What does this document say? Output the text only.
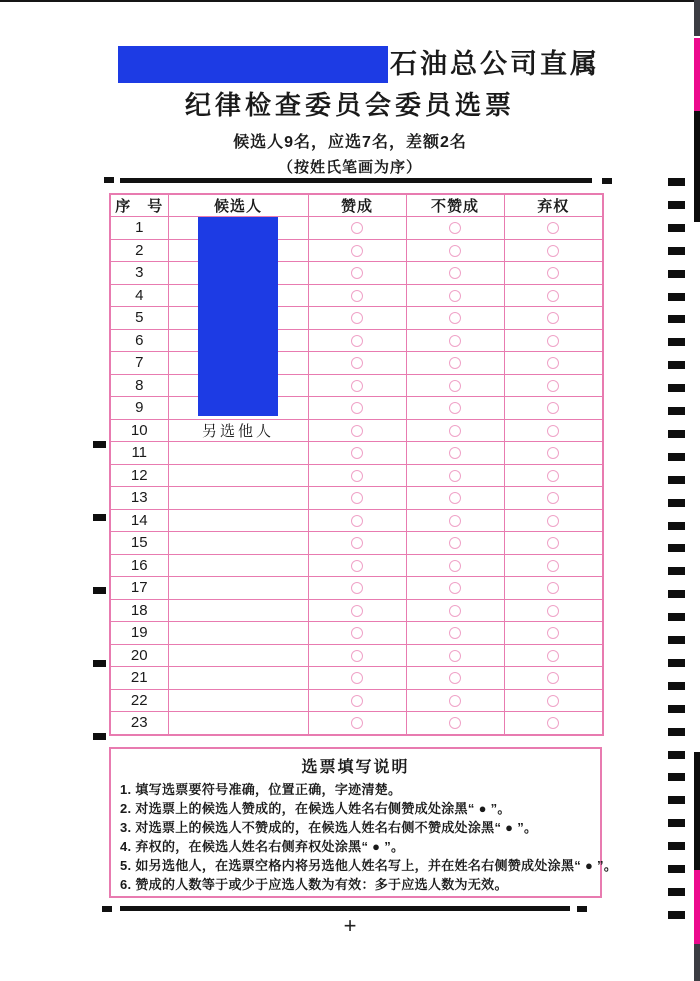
石油总公司直属
纪律检查委员会委员选票
候选人9名，应选7名，差额2名
（按姓氏笔画为序）
序　号	候选人	赞成	不赞成	弃权
1				
2				
3				
4				
5				
6				
7				
8				
9				
10	另选他人			
11				
12				
13				
14				
15				
16				
17				
18				
19				
20				
21				
22				
23				
选票填写说明
1. 填写选票要符号准确，位置正确，字迹清楚。
2. 对选票上的候选人赞成的，在候选人姓名右侧赞成处涂黑“ ● ”。
3. 对选票上的候选人不赞成的，在候选人姓名右侧不赞成处涂黑“ ● ”。
4. 弃权的，在候选人姓名右侧弃权处涂黑“ ● ”。
5. 如另选他人，在选票空格内将另选他人姓名写上，并在姓名右侧赞成处涂黑“ ● ”。
6. 赞成的人数等于或少于应选人数为有效：多于应选人数为无效。
+
